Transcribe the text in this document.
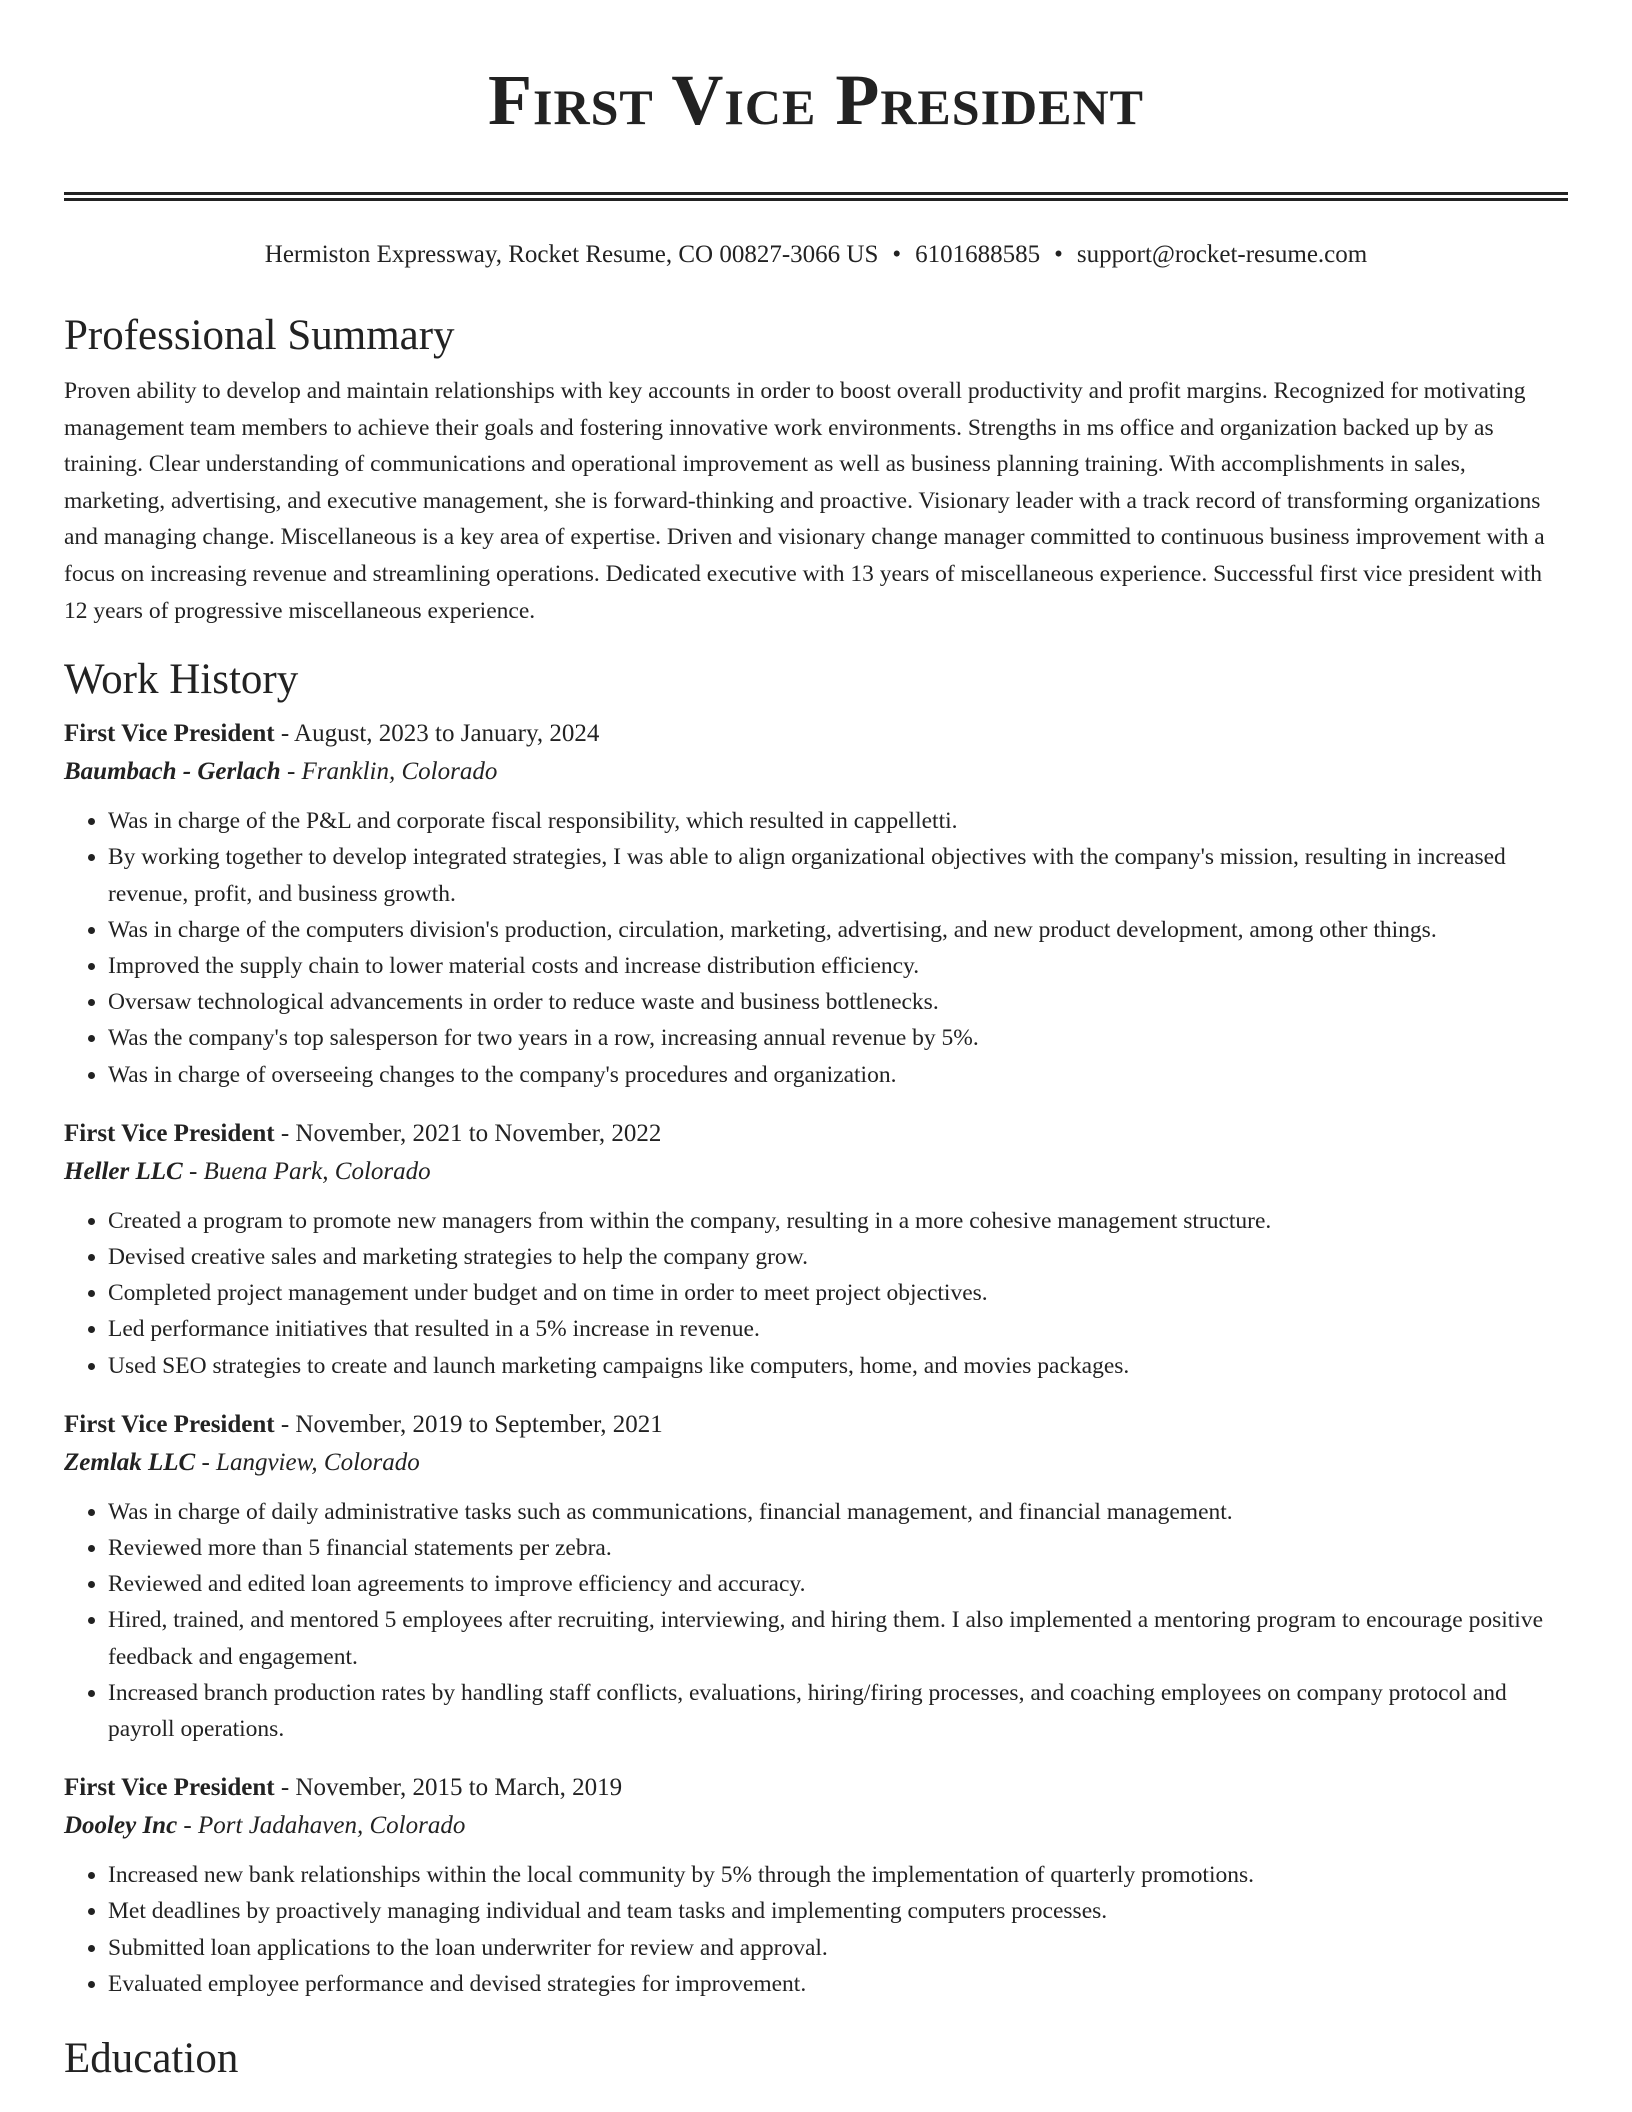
First Vice President
Hermiston Expressway, Rocket Resume, CO 00827-3066 US • 6101688585 • support@rocket-resume.com
Professional Summary

Proven ability to develop and maintain relationships with key accounts in order to boost overall productivity and profit margins. Recognized for motivating management team members to achieve their goals and fostering innovative work environments. Strengths in ms office and organization backed up by as training. Clear understanding of communications and operational improvement as well as business planning training. With accomplishments in sales, marketing, advertising, and executive management, she is forward-thinking and proactive. Visionary leader with a track record of transforming organizations and managing change. Miscellaneous is a key area of expertise. Driven and visionary change manager committed to continuous business improvement with a focus on increasing revenue and streamlining operations. Dedicated executive with 13 years of miscellaneous experience. Successful first vice president with 12 years of progressive miscellaneous experience.

Work History
First Vice President - August, 2023 to January, 2024
Baumbach - Gerlach - Franklin, Colorado
• Was in charge of the P&L and corporate fiscal responsibility, which resulted in cappelletti.
• By working together to develop integrated strategies, I was able to align organizational objectives with the company's mission, resulting in increased revenue, profit, and business growth.
• Was in charge of the computers division's production, circulation, marketing, advertising, and new product development, among other things.
• Improved the supply chain to lower material costs and increase distribution efficiency.
• Oversaw technological advancements in order to reduce waste and business bottlenecks.
• Was the company's top salesperson for two years in a row, increasing annual revenue by 5%.
• Was in charge of overseeing changes to the company's procedures and organization.
First Vice President - November, 2021 to November, 2022
Heller LLC - Buena Park, Colorado
• Created a program to promote new managers from within the company, resulting in a more cohesive management structure.
• Devised creative sales and marketing strategies to help the company grow.
• Completed project management under budget and on time in order to meet project objectives.
• Led performance initiatives that resulted in a 5% increase in revenue.
• Used SEO strategies to create and launch marketing campaigns like computers, home, and movies packages.
First Vice President - November, 2019 to September, 2021
Zemlak LLC - Langview, Colorado
• Was in charge of daily administrative tasks such as communications, financial management, and financial management.
• Reviewed more than 5 financial statements per zebra.
• Reviewed and edited loan agreements to improve efficiency and accuracy.
• Hired, trained, and mentored 5 employees after recruiting, interviewing, and hiring them. I also implemented a mentoring program to encourage positive feedback and engagement.
• Increased branch production rates by handling staff conflicts, evaluations, hiring/firing processes, and coaching employees on company protocol and payroll operations.
First Vice President - November, 2015 to March, 2019
Dooley Inc - Port Jadahaven, Colorado
• Increased new bank relationships within the local community by 5% through the implementation of quarterly promotions.
• Met deadlines by proactively managing individual and team tasks and implementing computers processes.
• Submitted loan applications to the loan underwriter for review and approval.
• Evaluated employee performance and devised strategies for improvement.
Education
